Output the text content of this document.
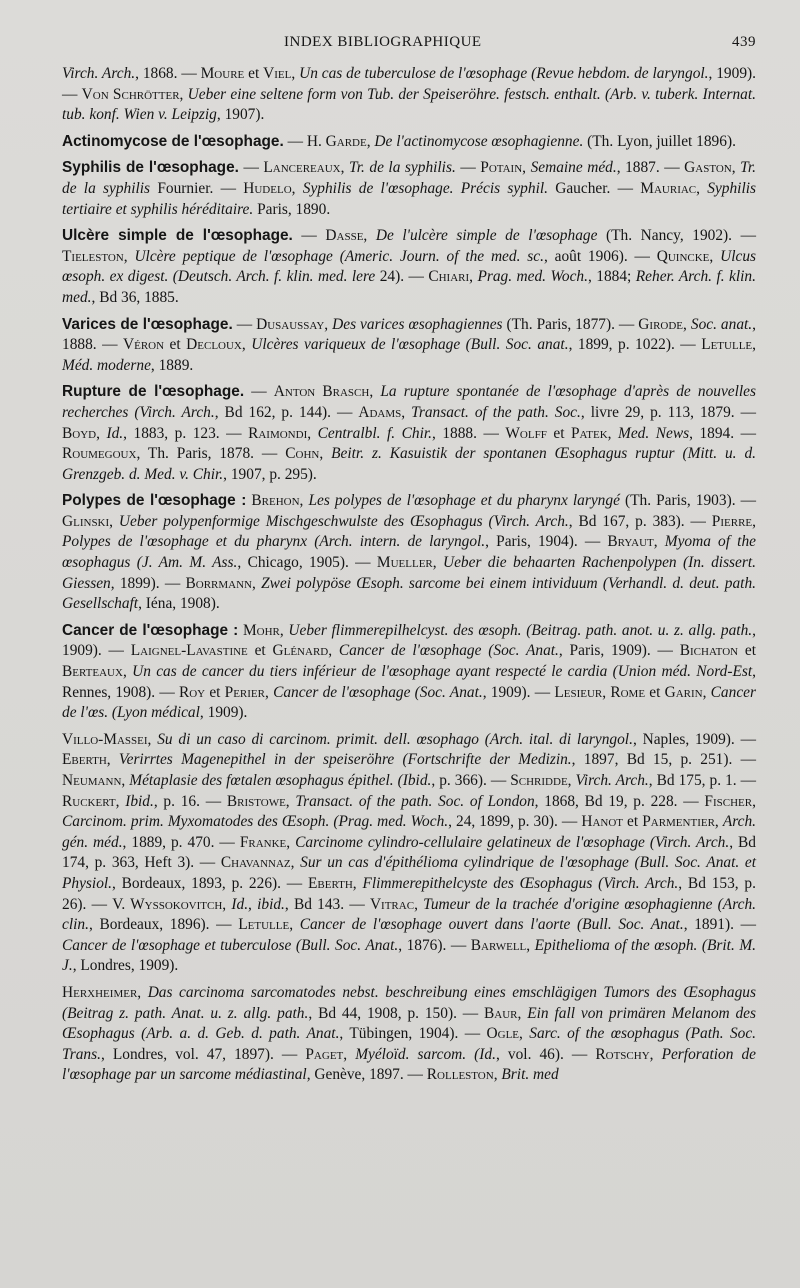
INDEX BIBLIOGRAPHIQUE	439

Virch. Arch., 1868. — Moure et Viel, Un cas de tuberculose de l'œsophage (Revue hebdom. de laryngol., 1909). — Von Schrötter, Ueber eine seltene form von Tub. der Speiseröhre. festsch. enthalt. (Arb. v. tuberk. Internat. tub. konf. Wien v. Leipzig, 1907).

Actinomycose de l'œsophage. — H. Garde, De l'actinomycose œsophagienne. (Th. Lyon, juillet 1896).

Syphilis de l'œsophage. — Lancereaux, Tr. de la syphilis. — Potain, Semaine méd., 1887. — Gaston, Tr. de la syphilis Fournier. — Hudelo, Syphilis de l'œsophage. Précis syphil. Gaucher. — Mauriac, Syphilis tertiaire et syphilis héréditaire. Paris, 1890.

Ulcère simple de l'œsophage. — Dasse, De l'ulcère simple de l'œsophage (Th. Nancy, 1902). — Tieleston, Ulcère peptique de l'œsophage (Americ. Journ. of the med. sc., août 1906). — Quincke, Ulcus œsoph. ex digest. (Deutsch. Arch. f. klin. med. lere 24). — Chiari, Prag. med. Woch., 1884; Reher. Arch. f. klin. med., Bd 36, 1885.

Varices de l'œsophage. — Dusaussay, Des varices œsophagiennes (Th. Paris, 1877). — Girode, Soc. anat., 1888. — Véron et Decloux, Ulcères variqueux de l'œsophage (Bull. Soc. anat., 1899, p. 1022). — Letulle, Méd. moderne, 1889.

Rupture de l'œsophage. — Anton Brasch, La rupture spontanée de l'œsophage d'après de nouvelles recherches (Virch. Arch., Bd 162, p. 144). — Adams, Transact. of the path. Soc., livre 29, p. 113, 1879. — Boyd, Id., 1883, p. 123. — Raimondi, Centralbl. f. Chir., 1888. — Wolff et Patek, Med. News, 1894. — Roumegoux, Th. Paris, 1878. — Cohn, Beitr. z. Kasuistik der spontanen Œsophagus ruptur (Mitt. u. d. Grenzgeb. d. Med. v. Chir., 1907, p. 295).

Polypes de l'œsophage : Brehon, Les polypes de l'œsophage et du pharynx laryngé (Th. Paris, 1903). — Glinski, Ueber polypenformige Mischgeschwulste des Œsophagus (Virch. Arch., Bd 167, p. 383). — Pierre, Polypes de l'œsophage et du pharynx (Arch. intern. de laryngol., Paris, 1904). — Bryaut, Myoma of the œsophagus (J. Am. M. Ass., Chicago, 1905). — Mueller, Ueber die behaarten Rachenpolypen (In. dissert. Giessen, 1899). — Borrmann, Zwei polypöse Œsoph. sarcome bei einem intividuum (Verhandl. d. deut. path. Gesellschaft, Iéna, 1908).

Cancer de l'œsophage : Mohr, Ueber flimmerepilhelcyst. des œsoph. (Beitrag. path. anot. u. z. allg. path., 1909). — Laignel-Lavastine et Glénard, Cancer de l'œsophage (Soc. Anat., Paris, 1909). — Bichaton et Berteaux, Un cas de cancer du tiers inférieur de l'œsophage ayant respecté le cardia (Union méd. Nord-Est, Rennes, 1908). — Roy et Perier, Cancer de l'œsophage (Soc. Anat., 1909). — Lesieur, Rome et Garin, Cancer de l'œs. (Lyon médical, 1909).

Villo-Massei, Su di un caso di carcinom. primit. dell. œsophago (Arch. ital. di laryngol., Naples, 1909). — Eberth, Verirrtes Magenepithel in der speiseröhre (Fortschrifte der Medizin., 1897, Bd 15, p. 251). — Neumann, Métaplasie des fœtalen œsophagus épithel. (Ibid., p. 366). — Schridde, Virch. Arch., Bd 175, p. 1. — Ruckert, Ibid., p. 16. — Bristowe, Transact. of the path. Soc. of London, 1868, Bd 19, p. 228. — Fischer, Carcinom. prim. Myxomatodes des Œsoph. (Prag. med. Woch., 24, 1899, p. 30). — Hanot et Parmentier, Arch. gén. méd., 1889, p. 470. — Franke, Carcinome cylindro-cellulaire gelatineux de l'œsophage (Virch. Arch., Bd 174, p. 363, Heft 3). — Chavannaz, Sur un cas d'épithélioma cylindrique de l'œsophage (Bull. Soc. Anat. et Physiol., Bordeaux, 1893, p. 226). — Eberth, Flimmerepithelcyste des Œsophagus (Virch. Arch., Bd 153, p. 26). — V. Wyssokovitch, Id., ibid., Bd 143. — Vitrac, Tumeur de la trachée d'origine œsophagienne (Arch. clin., Bordeaux, 1896). — Letulle, Cancer de l'œsophage ouvert dans l'aorte (Bull. Soc. Anat., 1891). — Cancer de l'œsophage et tuberculose (Bull. Soc. Anat., 1876). — Barwell, Epithelioma of the œsoph. (Brit. M. J., Londres, 1909).

Herxheimer, Das carcinoma sarcomatodes nebst. beschreibung eines emschlägigen Tumors des Œsophagus (Beitrag z. path. Anat. u. z. allg. path., Bd 44, 1908, p. 150). — Baur, Ein fall von primären Melanom des Œsophagus (Arb. a. d. Geb. d. path. Anat., Tübingen, 1904). — Ogle, Sarc. of the œsophagus (Path. Soc. Trans., Londres, vol. 47, 1897). — Paget, Myéloïd. sarcom. (Id., vol. 46). — Rotschy, Perforation de l'œsophage par un sarcome médiastinal, Genève, 1897. — Rolleston, Brit. med
